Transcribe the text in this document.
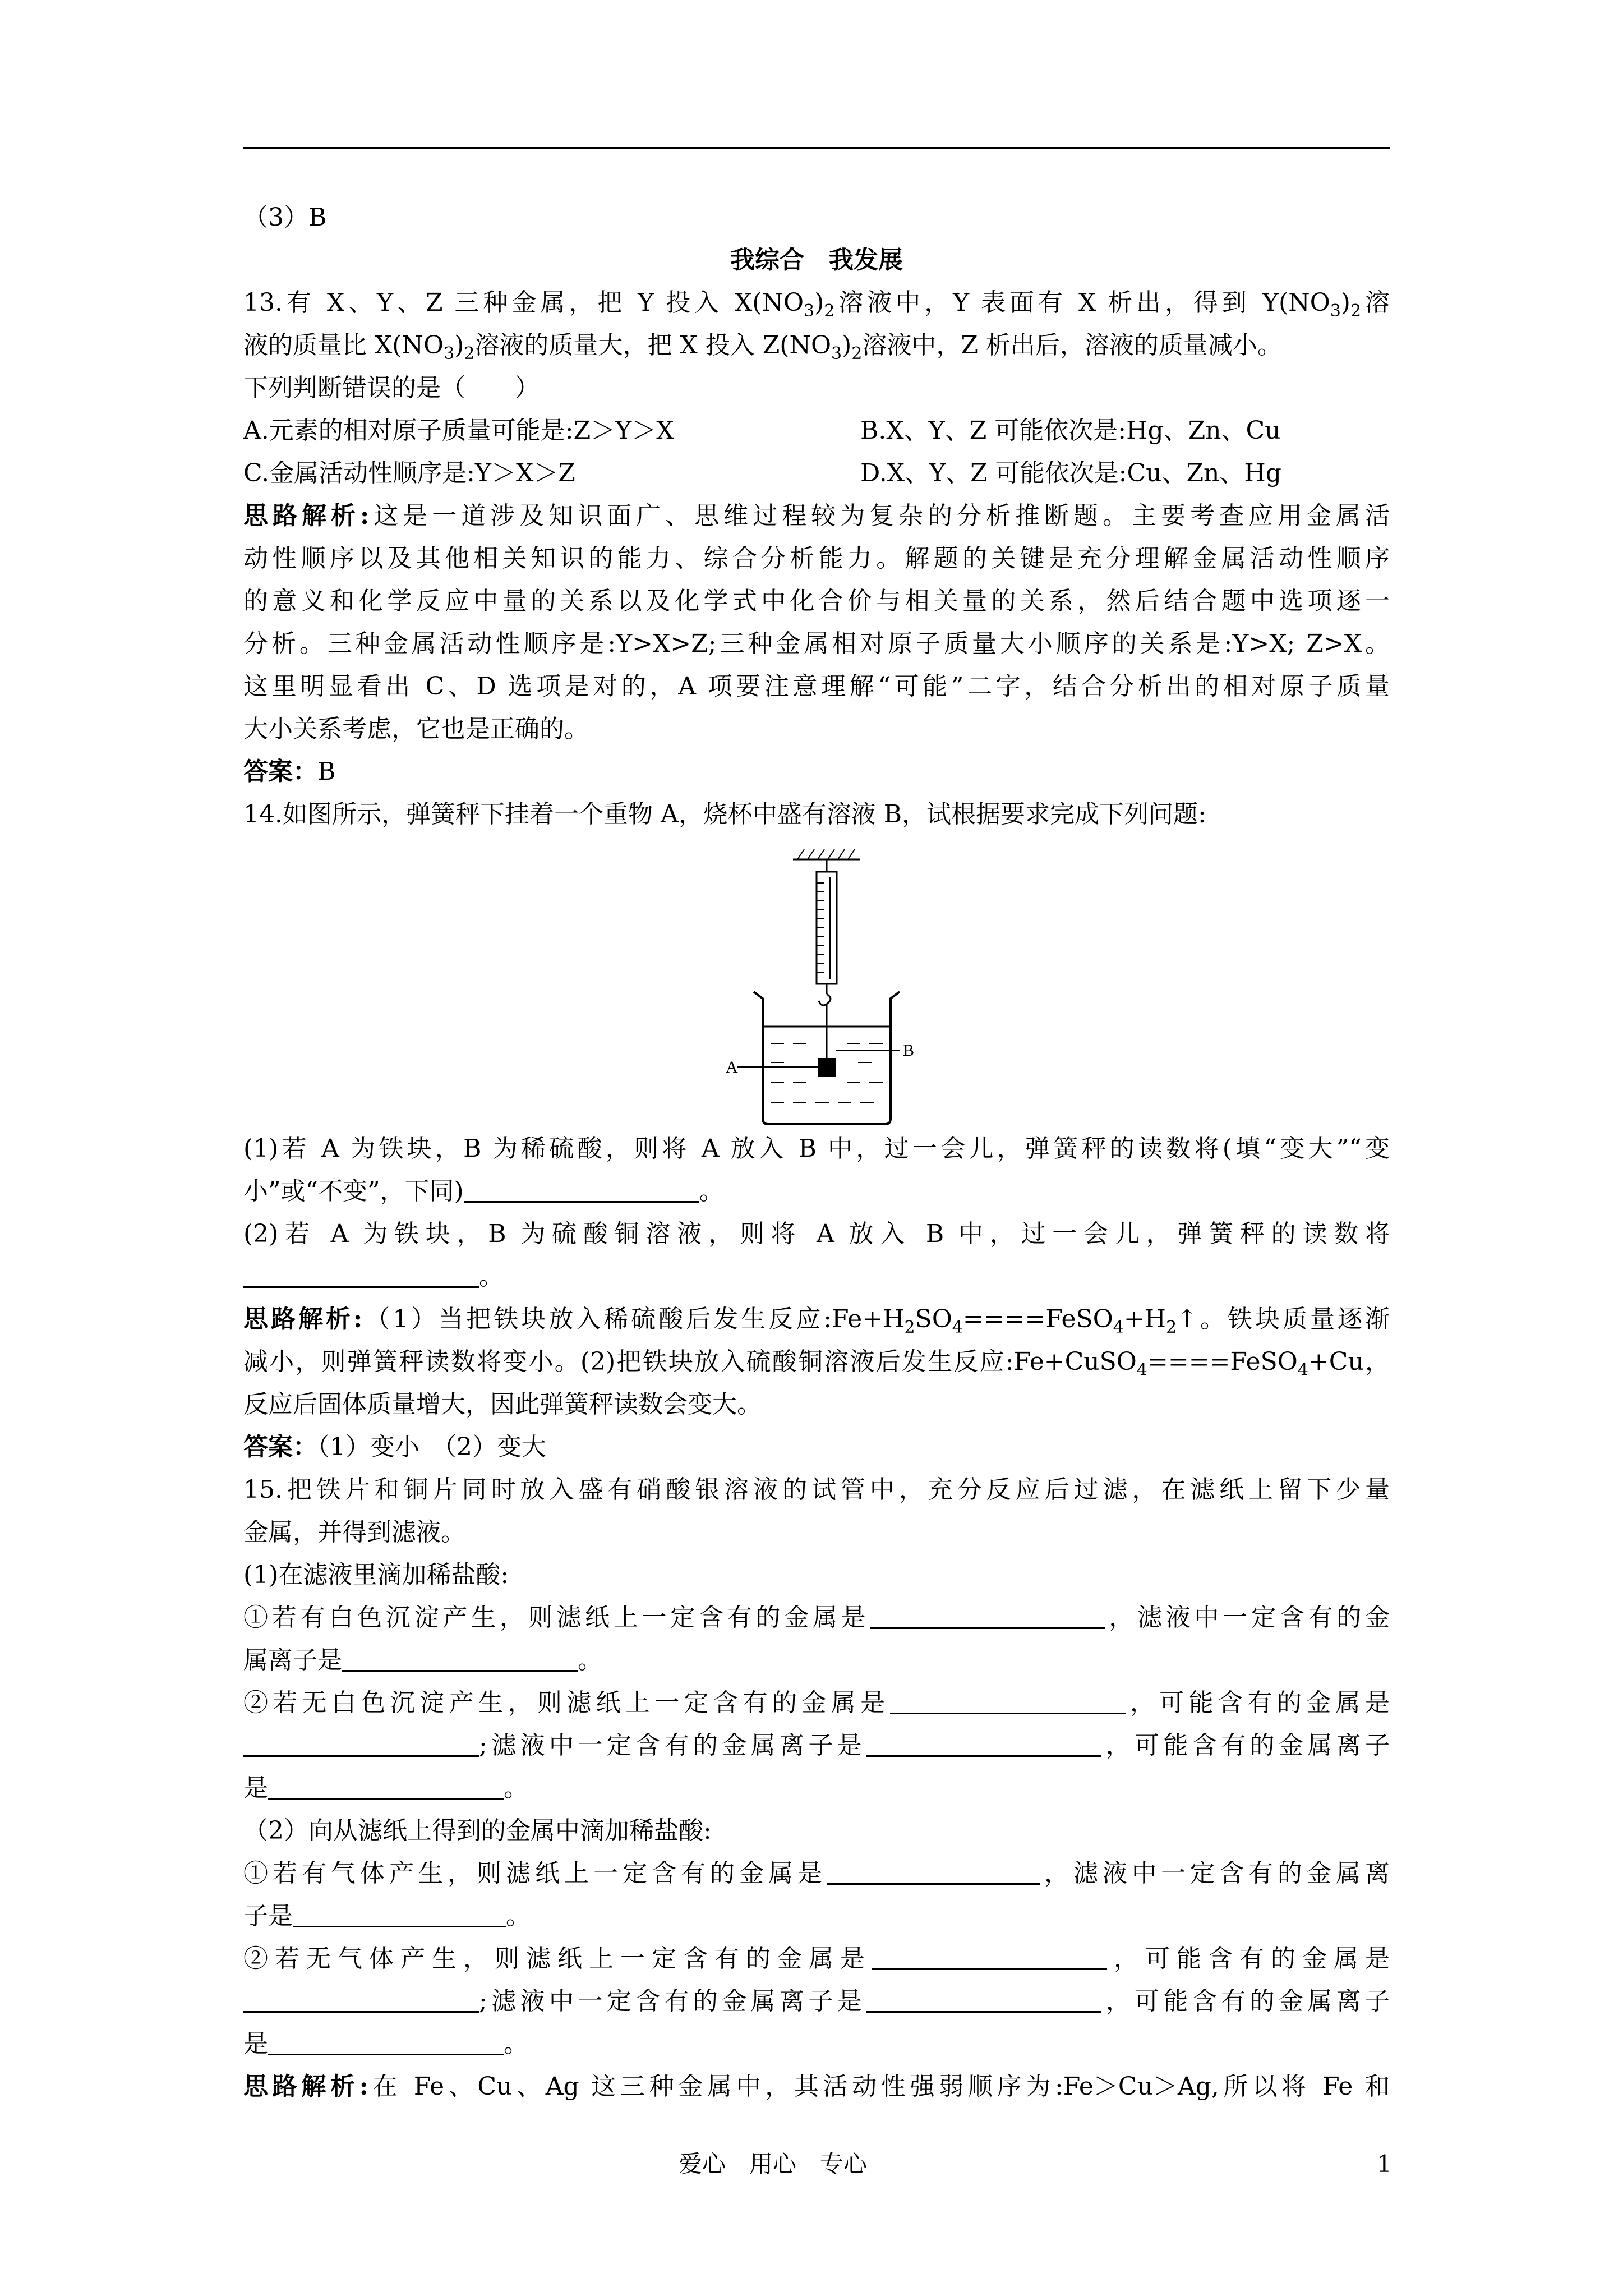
（3）B
我综合　我发展
13.有 X、Y、Z 三种金属，把 Y 投入 $X(NO_3)_2$溶液中，Y 表面有 X 析出，得到 $Y(NO_3)_2$溶
液的质量比 $X(NO_3)_2$溶液的质量大，把 X 投入 $Z(NO_3)_2$溶液中，Z 析出后，溶液的质量减小。
下列判断错误的是（　　）
A.元素的相对原子质量可能是:Z＞Y＞X	B.X、Y、Z 可能依次是:Hg、Zn、Cu
C.金属活动性顺序是:Y＞X＞Z	D.X、Y、Z 可能依次是:Cu、Zn、Hg
思路解析:这是一道涉及知识面广、思维过程较为复杂的分析推断题。主要考查应用金属活
动性顺序以及其他相关知识的能力、综合分析能力。解题的关键是充分理解金属活动性顺序
的意义和化学反应中量的关系以及化学式中化合价与相关量的关系，然后结合题中选项逐一
分析。三种金属活动性顺序是:Y>X>Z;三种金属相对原子质量大小顺序的关系是:Y>X; Z>X。
这里明显看出 C、D 选项是对的，A 项要注意理解“可能”二字，结合分析出的相对原子质量
大小关系考虑，它也是正确的。
答案：B
14.如图所示，弹簧秤下挂着一个重物 A，烧杯中盛有溶液 B，试根据要求完成下列问题:
A
B
(1)若 A 为铁块，B 为稀硫酸，则将 A 放入 B 中，过一会儿，弹簧秤的读数将(填“变大”“变
小”或“不变”，下同)	。
(2)若 A 为铁块，B 为硫酸铜溶液，则将 A 放入 B 中，过一会儿，弹簧秤的读数将
。
思路解析:（1）当把铁块放入稀硫酸后发生反应$:Fe+H_2SO_4====FeSO_4+H_2↑$。铁块质量逐渐
减小，则弹簧秤读数将变小。(2)把铁块放入硫酸铜溶液后发生反应:Fe+CuSO$_4$====FeSO$_4$+Cu，
反应后固体质量增大，因此弹簧秤读数会变大。
答案：（1）变小　（2）变大
15.把铁片和铜片同时放入盛有硝酸银溶液的试管中，充分反应后过滤，在滤纸上留下少量
金属，并得到滤液。
(1)在滤液里滴加稀盐酸:
①若有白色沉淀产生，则滤纸上一定含有的金属是	，滤液中一定含有的金
属离子是	。
②若无白色沉淀产生，则滤纸上一定含有的金属是	，可能含有的金属是
;滤液中一定含有的金属离子是	，可能含有的金属离子
是	。
（2）向从滤纸上得到的金属中滴加稀盐酸:
①若有气体产生，则滤纸上一定含有的金属是	，滤液中一定含有的金属离
子是	。
②若无气体产生，则滤纸上一定含有的金属是	，可能含有的金属是
;滤液中一定含有的金属离子是	，可能含有的金属离子
是	。
思路解析:在 Fe、Cu、Ag 这三种金属中，其活动性强弱顺序为:Fe＞Cu＞Ag,所以将 Fe 和
爱心　用心　专心	1
